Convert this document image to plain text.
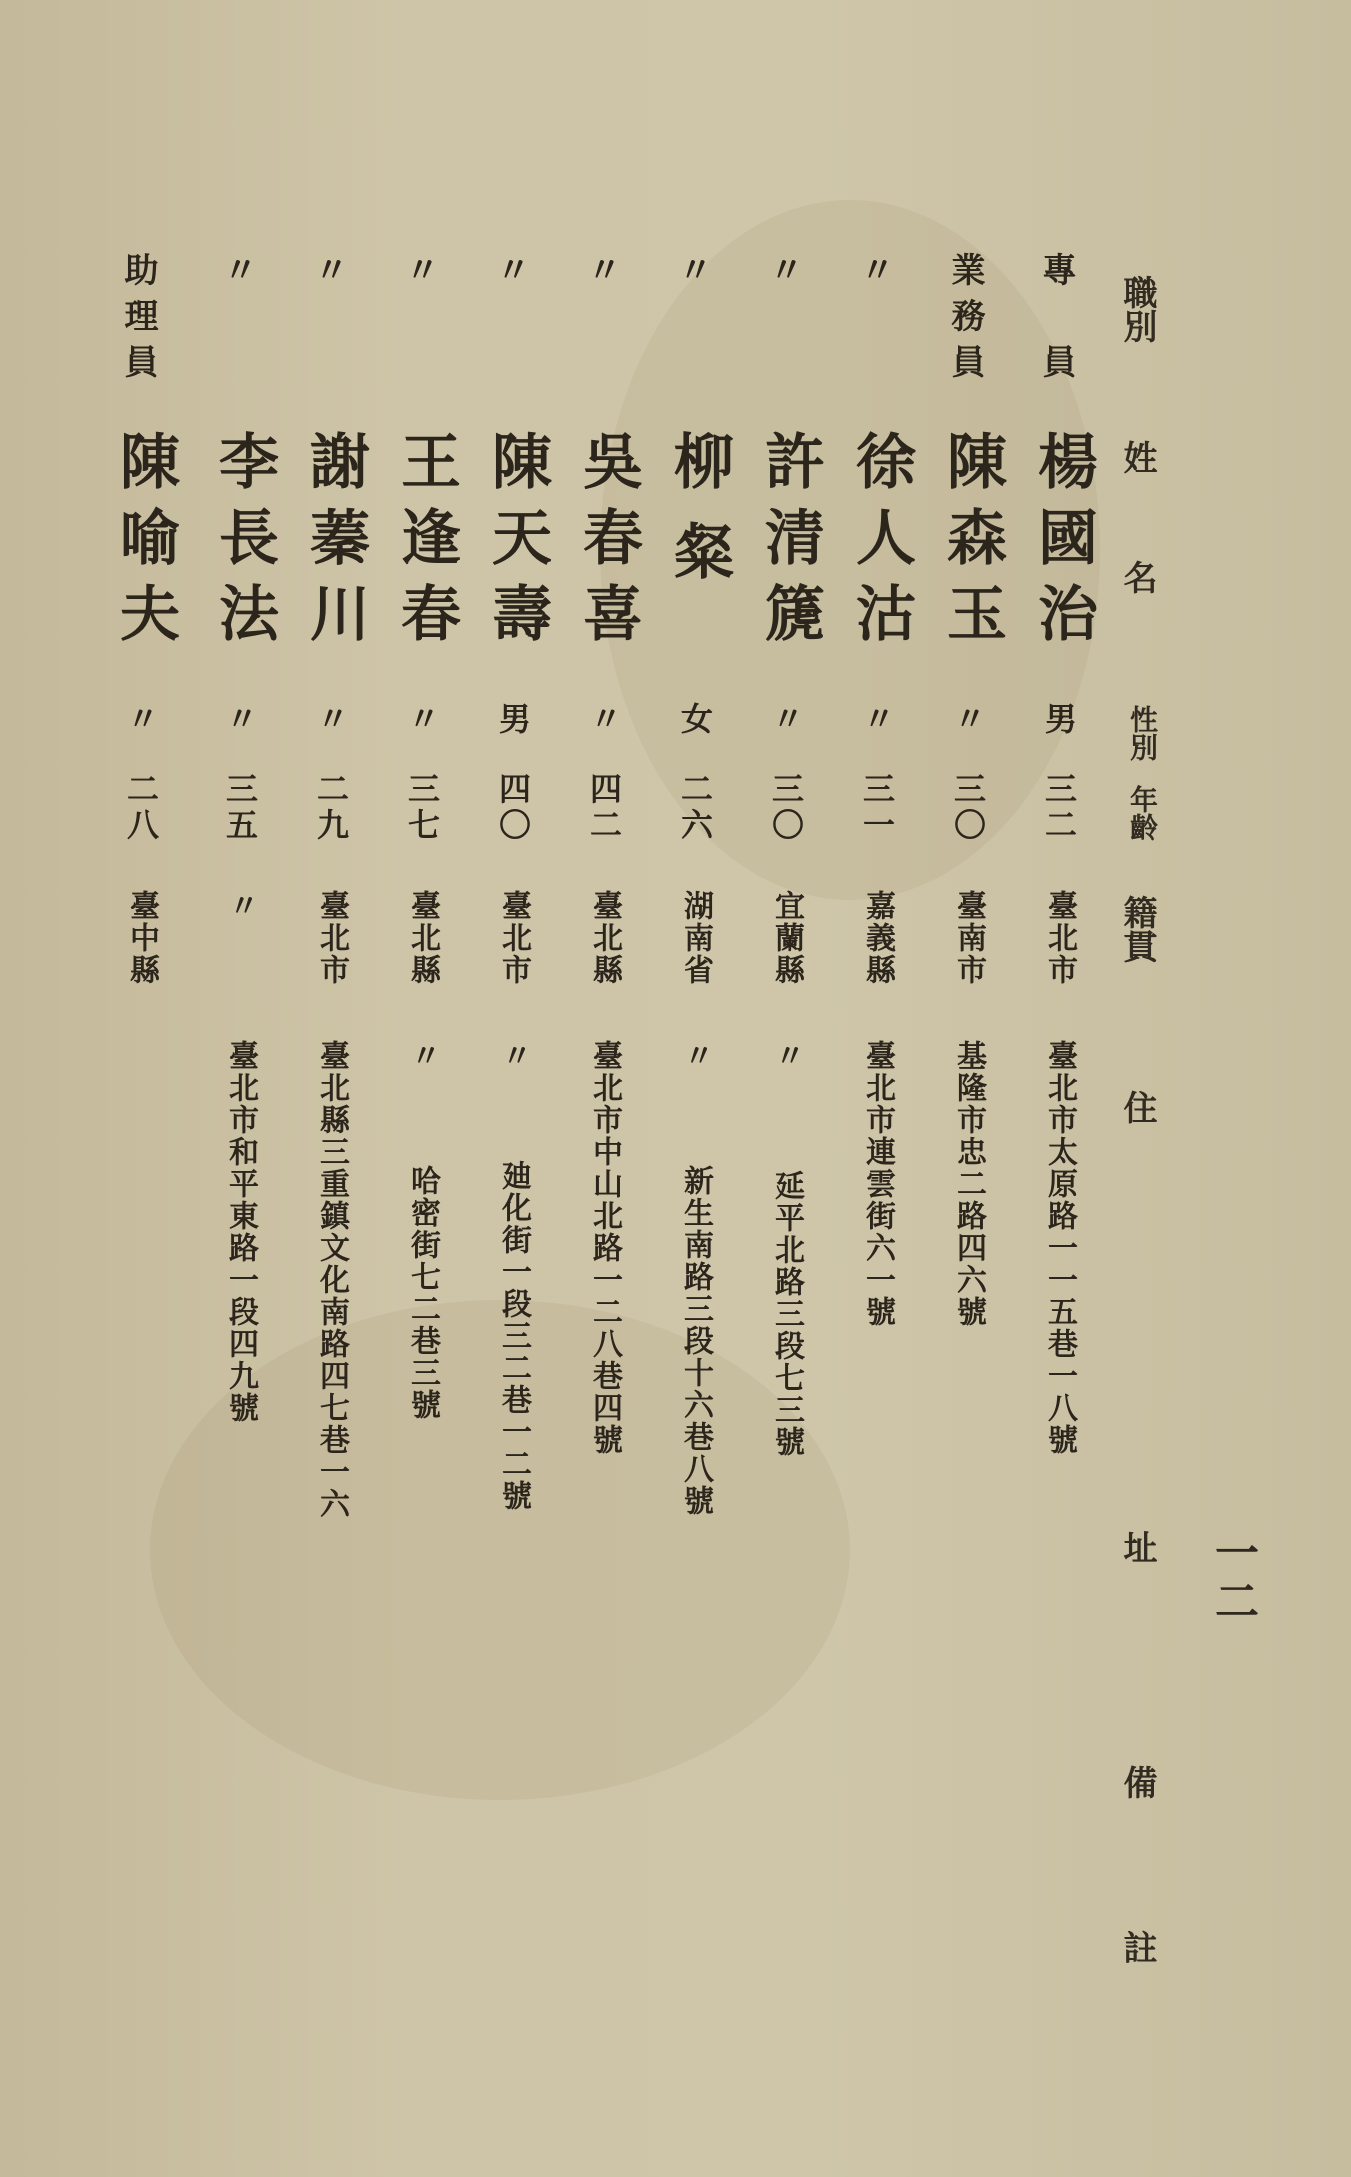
一二
職別
姓
名
性別
年齡
籍貫
住
址
備
註
專　員
楊國治
男
三二
臺北市
臺北市太原路一一五巷一八號
業務員
陳森玉
〃
三〇
臺南市
基隆市忠二路四六號
〃
徐人沽
〃
三一
嘉義縣
臺北市連雲街六一號
〃
許清篪
〃
三〇
宜蘭縣
〃
延平北路三段七三號
〃
柳粲
女
二六
湖南省
〃
新生南路三段十六巷八號
〃
吳春喜
〃
四二
臺北縣
臺北市中山北路一二八巷四號
〃
陳天壽
男
四〇
臺北市
〃
廸化街一段三二巷一二號
〃
王逢春
〃
三七
臺北縣
〃
哈密街七二巷三號
〃
謝蓁川
〃
二九
臺北市
臺北縣三重鎮文化南路四七巷一六
〃
李長法
〃
三五
〃
臺北市和平東路一段四九號
助理員
陳喻夫
〃
二八
臺中縣
